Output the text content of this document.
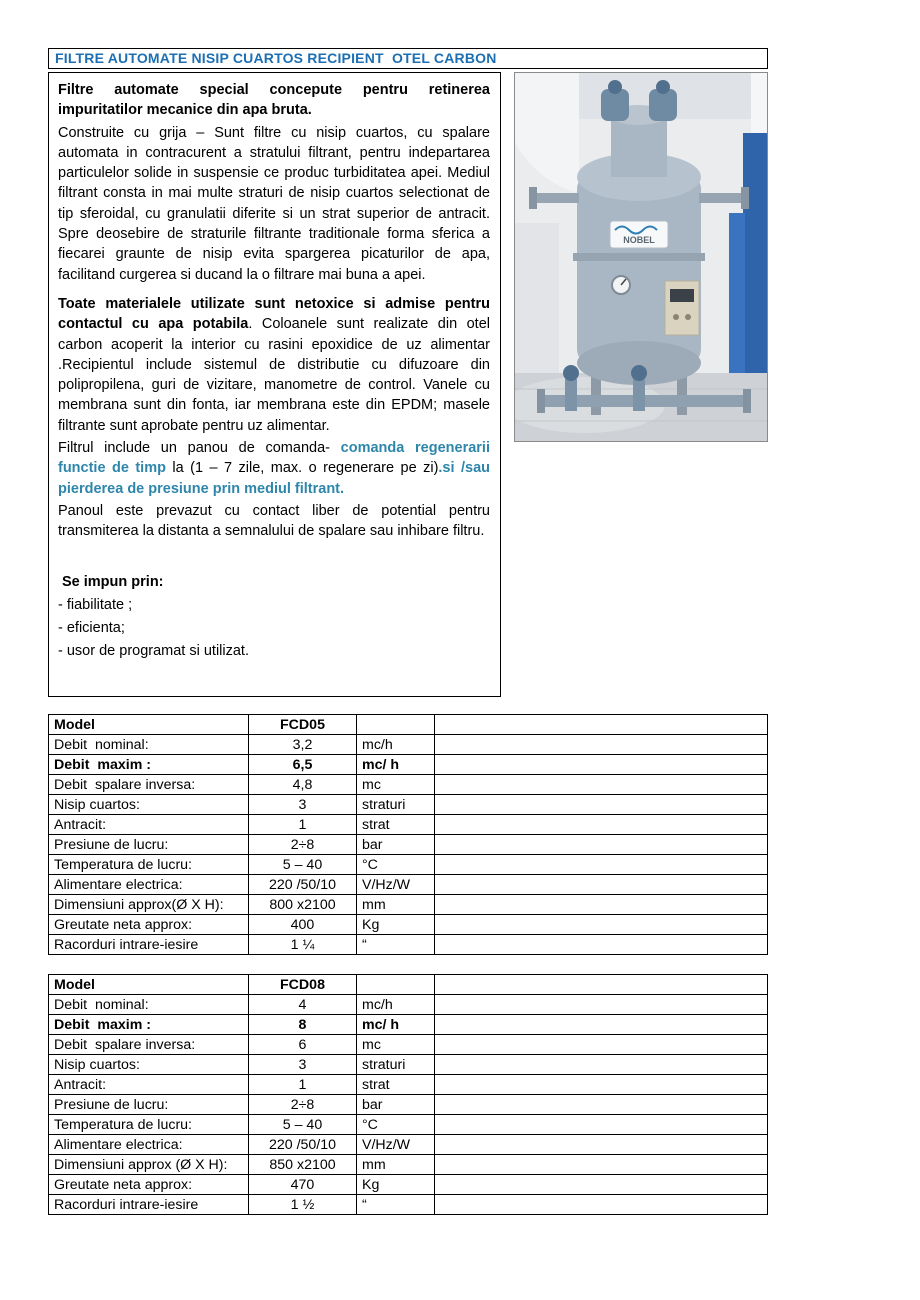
FILTRE AUTOMATE NISIP CUARTOS RECIPIENT  OTEL CARBON

Filtre automate special concepute pentru retinerea impuritatilor mecanice din apa bruta.

Construite cu grija – Sunt filtre cu nisip cuartos, cu spalare automata in contracurent a stratului filtrant, pentru indepartarea particulelor solide in suspensie ce produc turbiditatea apei. Mediul filtrant consta in mai multe straturi de nisip cuartos selectionat de tip sferoidal, cu granulatii diferite si un strat superior de antracit. Spre deosebire de straturile filtrante traditionale forma sferica a fiecarei graunte de nisip evita spargerea picaturilor de apa, facilitand curgerea si ducand la o filtrare mai buna a apei.

Toate materialele utilizate sunt netoxice si admise pentru contactul cu apa potabila. Coloanele sunt realizate din otel carbon acoperit la interior cu rasini epoxidice de uz alimentar .Recipientul include sistemul de distributie cu difuzoare din polipropilena, guri de vizitare, manometre de control. Vanele cu membrana sunt din fonta, iar membrana este din EPDM; masele filtrante sunt aprobate pentru uz alimentar.

Filtrul include un panou de comanda- comanda regenerarii functie de timp la (1 – 7 zile, max. o regenerare pe zi).si /sau pierderea de presiune prin mediul filtrant.

Panoul este prevazut cu contact liber de potential pentru transmiterea la distanta a semnalului de spalare sau inhibare filtru.

Se impun prin:

- fiabilitate ;

- eficienta;

- usor de programat si utilizat.

NOBEL
Model	FCD05		
Debit  nominal:	3,2	mc/h	
Debit  maxim :	6,5	mc/ h	
Debit  spalare inversa:	4,8	mc	
Nisip cuartos:	3	straturi	
Antracit:	1	strat	
Presiune de lucru:	2÷8	bar	
Temperatura de lucru:	5 – 40	°C	
Alimentare electrica:	220 /50/10	V/Hz/W	
Dimensiuni approx(Ø X H):	800 x2100	mm	
Greutate neta approx:	400	Kg	
Racorduri intrare-iesire	1 ¼	“	
Model	FCD08		
Debit  nominal:	4	mc/h	
Debit  maxim :	8	mc/ h	
Debit  spalare inversa:	6	mc	
Nisip cuartos:	3	straturi	
Antracit:	1	strat	
Presiune de lucru:	2÷8	bar	
Temperatura de lucru:	5 – 40	°C	
Alimentare electrica:	220 /50/10	V/Hz/W	
Dimensiuni approx (Ø X H):	850 x2100	mm	
Greutate neta approx:	470	Kg	
Racorduri intrare-iesire	1 ½	“	
